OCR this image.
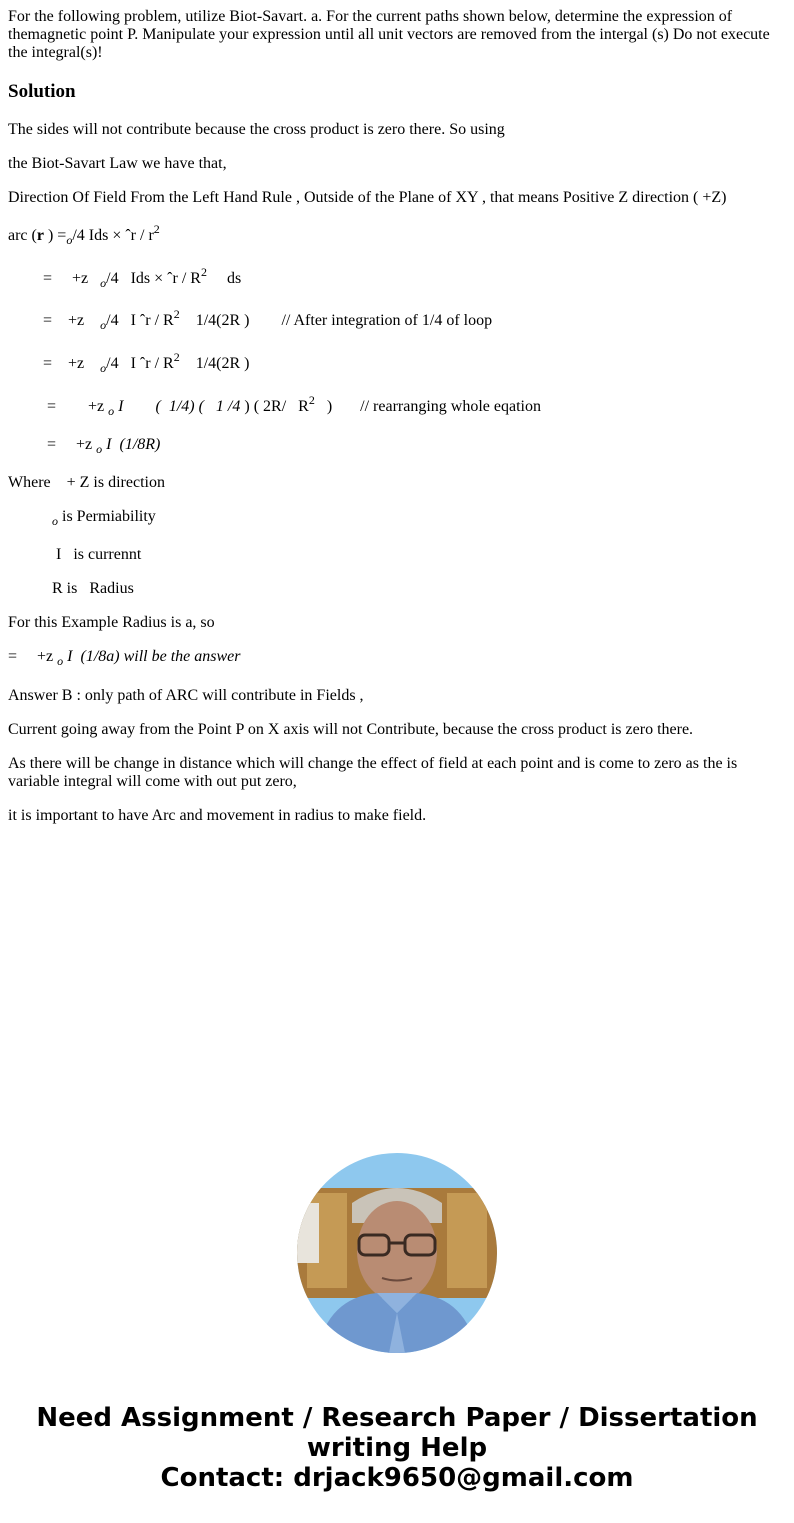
For the following problem, utilize Biot-Savart. a. For the current paths shown below, determine the expression of themagnetic point P. Manipulate your expression until all unit vectors are removed from the intergal (s) Do not execute the integral(s)!

Solution

The sides will not contribute because the cross product is zero there. So using

the Biot-Savart Law we have that,

Direction Of Field From the Left Hand Rule , Outside of the Plane of XY , that means Positive Z direction ( +Z)

arc (r ) $=_o/4$ Ids × ˆr / $r^2$

=     +z   $_o$/4   Ids × ˆr / $R^2$     ds

=    +z    $_o$/4   I ˆr / $R^2$    1/4(2R )        // After integration of 1/4 of loop

=    +z    $_o$/4   I ˆr / $R^2$    1/4(2R )

=        +z $_o$ I        (  1/4) (   1 /4 ) ( 2R/   $R^2$   )       // rearranging whole eqation

=     +z $_o$ I  (1/8R)

Where    + Z is direction

$_o$ is Permiability

I   is currennt

R is   Radius

For this Example Radius is a, so

=     +z $_o$ I  (1/8a) will be the answer

Answer B : only path of ARC will contribute in Fields ,

Current going away from the Point P on X axis will not Contribute, because the cross product is zero there.

As there will be change in distance which will change the effect of field at each point and is come to zero as the is variable integral will come with out put zero,

it is important to have Arc and movement in radius to make field.

Need Assignment / Research Paper / Dissertation
writing Help
Contact: drjack9650@gmail.com
